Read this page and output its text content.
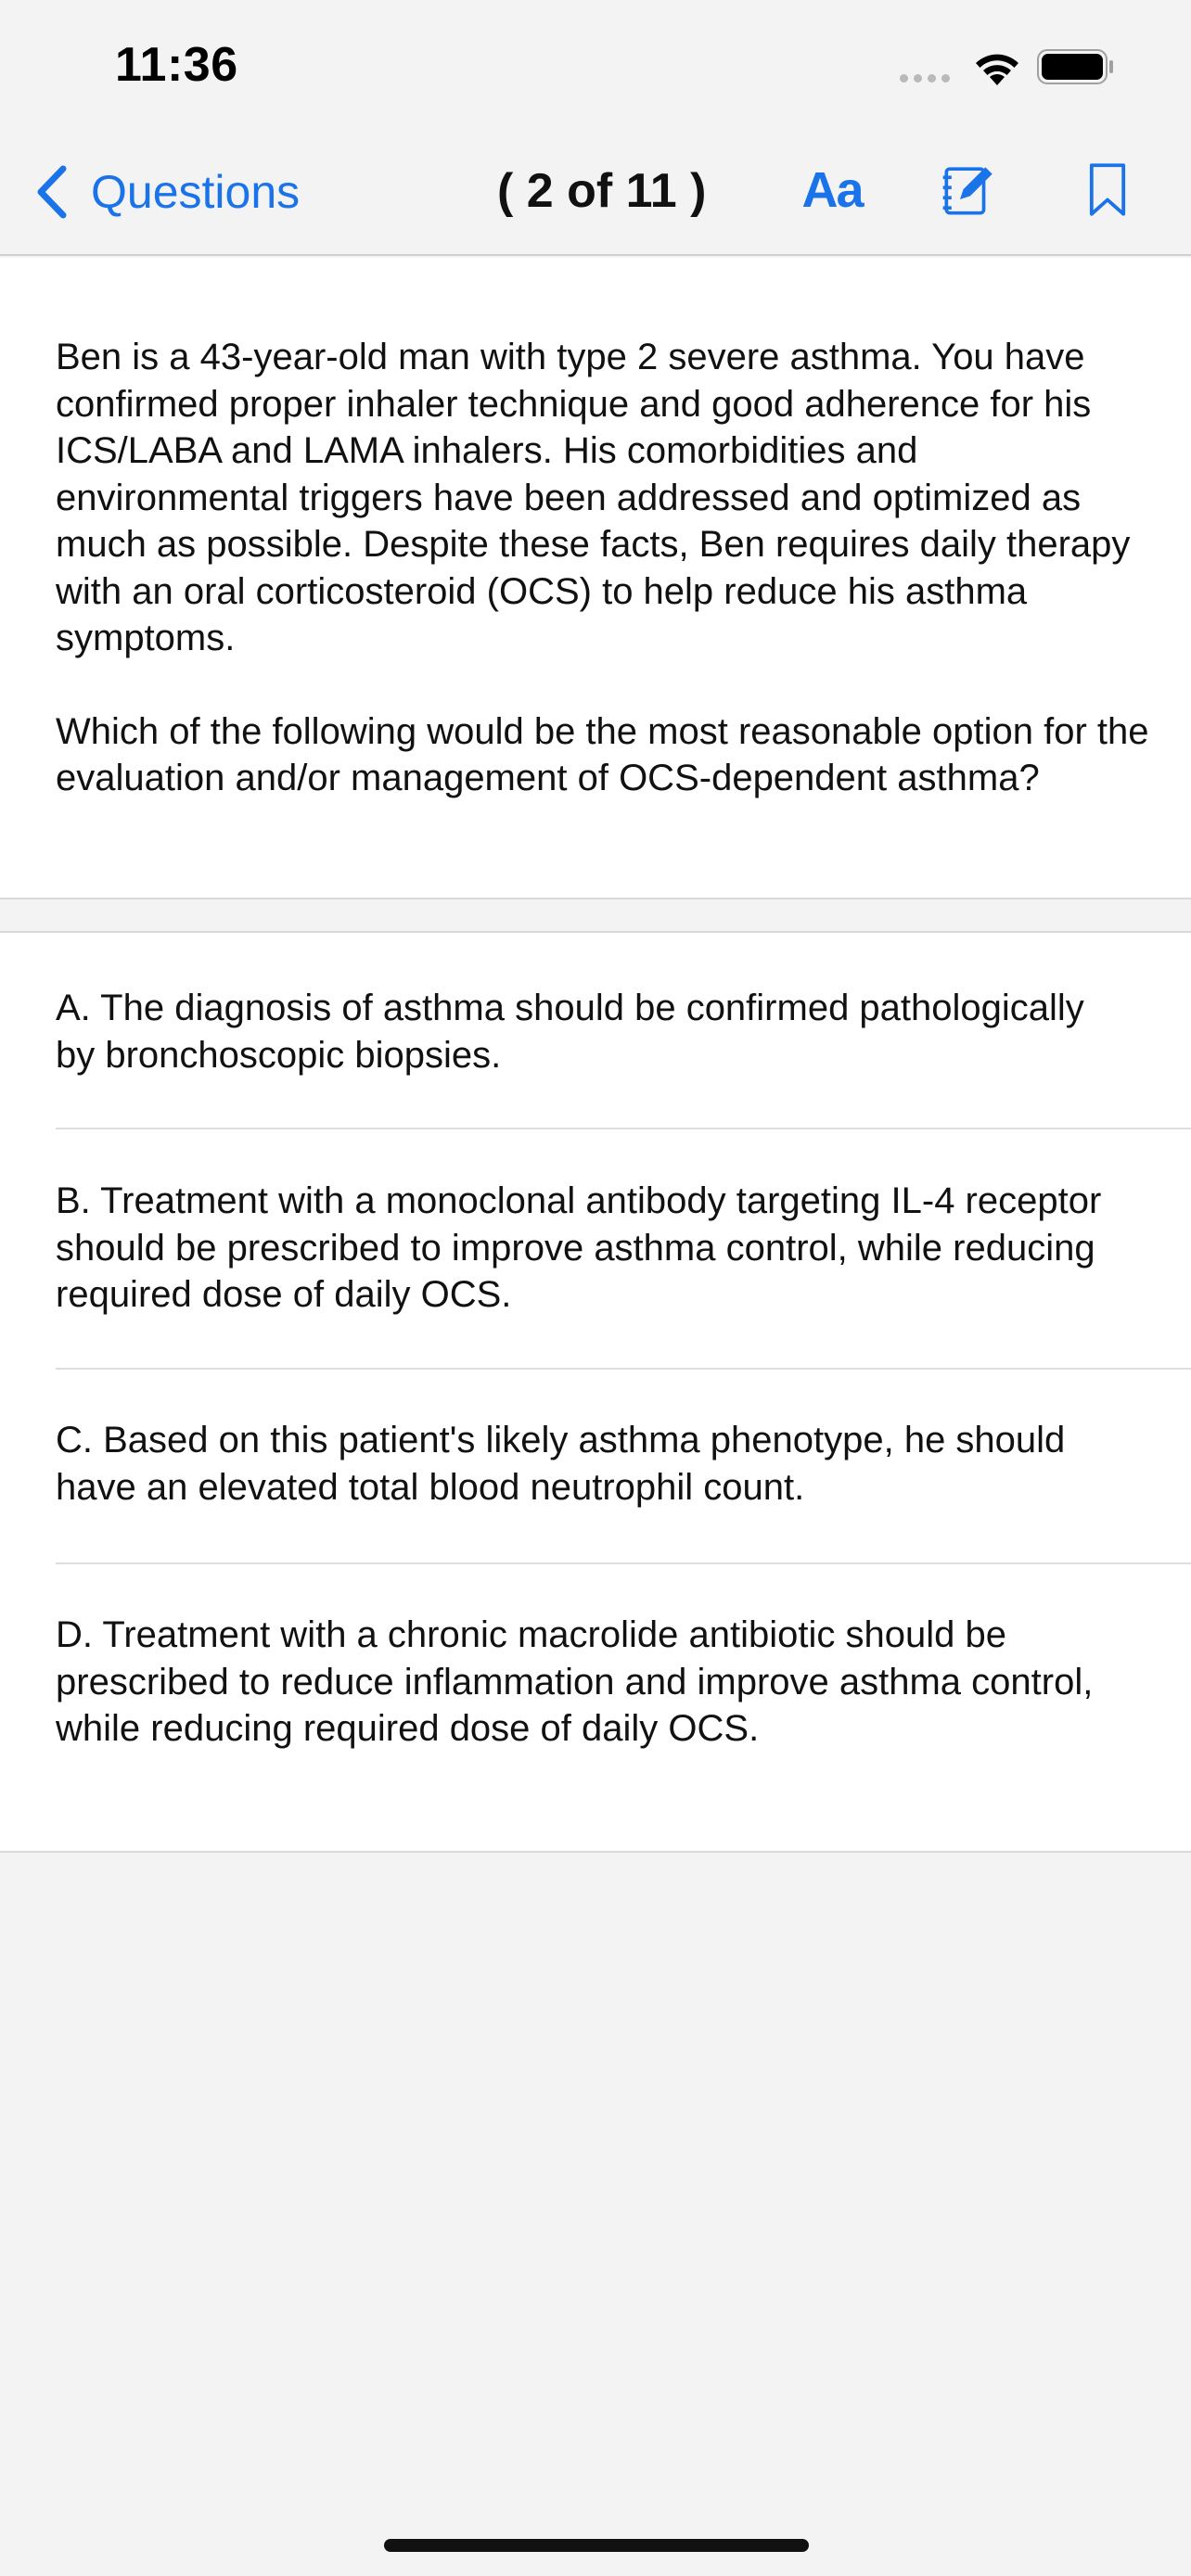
11:36
Questions	( 2 of 11 ) Aa

Ben is a 43-year-old man with type 2 severe asthma. You have confirmed proper inhaler technique and good adherence for his ICS/LABA and LAMA inhalers. His comorbidities and environmental triggers have been addressed and optimized as much as possible. Despite these facts, Ben requires daily therapy with an oral corticosteroid (OCS) to help reduce his asthma symptoms.

Which of the following would be the most reasonable option for the evaluation and/or management of OCS-dependent asthma?

A. The diagnosis of asthma should be confirmed pathologically by bronchoscopic biopsies.
B. Treatment with a monoclonal antibody targeting IL-4 receptor should be prescribed to improve asthma control, while reducing required dose of daily OCS.
C. Based on this patient's likely asthma phenotype, he should have an elevated total blood neutrophil count.
D. Treatment with a chronic macrolide antibiotic should be prescribed to reduce inflammation and improve asthma control, while reducing required dose of daily OCS.
